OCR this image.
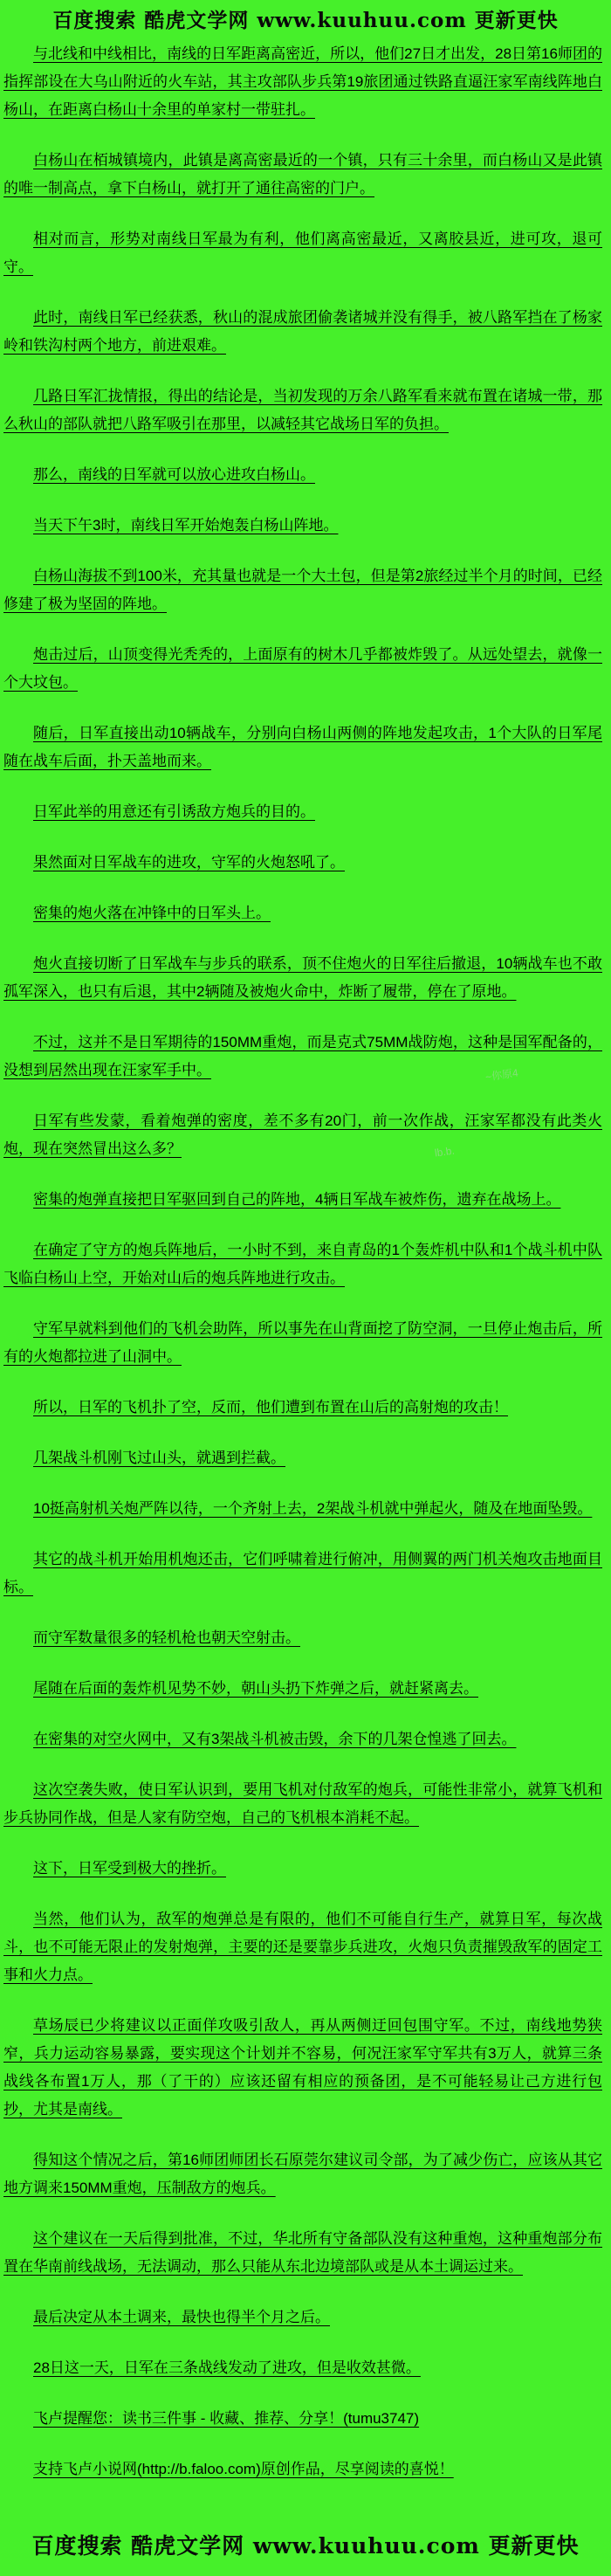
百度搜索 酷虎文学网 www.kuuhuu.com 更新更快

与北线和中线相比，南线的日军距离高密近，所以，他们27日才出发，28日第16师团的指挥部设在大乌山附近的火车站，其主攻部队步兵第19旅团通过铁路直逼汪家军南线阵地白杨山，在距离白杨山十余里的单家村一带驻扎。

白杨山在栢城镇境内，此镇是离高密最近的一个镇，只有三十余里，而白杨山又是此镇的唯一制高点，拿下白杨山，就打开了通往高密的门户。

相对而言，形势对南线日军最为有利，他们离高密最近，又离胶县近，进可攻，退可守。

此时，南线日军已经获悉，秋山的混成旅团偷袭诸城并没有得手，被八路军挡在了杨家岭和铁沟村两个地方，前进艰难。

几路日军汇拢情报，得出的结论是，当初发现的万余八路军看来就布置在诸城一带，那么秋山的部队就把八路军吸引在那里，以减轻其它战场日军的负担。

那么，南线的日军就可以放心进攻白杨山。

当天下午3时，南线日军开始炮轰白杨山阵地。

白杨山海拔不到100米，充其量也就是一个大土包，但是第2旅经过半个月的时间，已经修建了极为坚固的阵地。

炮击过后，山顶变得光秃秃的，上面原有的树木几乎都被炸毁了。从远处望去，就像一个大坟包。

随后，日军直接出动10辆战车，分别向白杨山两侧的阵地发起攻击，1个大队的日军尾随在战车后面，扑天盖地而来。

日军此举的用意还有引诱敌方炮兵的目的。

果然面对日军战车的进攻，守军的火炮怒吼了。

密集的炮火落在冲锋中的日军头上。

炮火直接切断了日军战车与步兵的联系，顶不住炮火的日军往后撤退，10辆战车也不敢孤军深入，也只有后退，其中2辆随及被炮火命中，炸断了履带，停在了原地。

不过，这并不是日军期待的150MM重炮，而是克式75MM战防炮，这种是国军配备的，没想到居然出现在汪家军手中。

日军有些发蒙，看着炮弹的密度，差不多有20门，前一次作战，汪家军都没有此类火炮，现在突然冒出这么多？

密集的炮弹直接把日军驱回到自己的阵地，4辆日军战车被炸伤，遗弃在战场上。

在确定了守方的炮兵阵地后，一小时不到，来自青岛的1个轰炸机中队和1个战斗机中队飞临白杨山上空，开始对山后的炮兵阵地进行攻击。

守军早就料到他们的飞机会助阵，所以事先在山背面挖了防空洞，一旦停止炮击后，所有的火炮都拉进了山洞中。

所以，日军的飞机扑了空，反而，他们遭到布置在山后的高射炮的攻击！

几架战斗机刚飞过山头，就遇到拦截。

10挺高射机关炮严阵以待，一个齐射上去，2架战斗机就中弹起火，随及在地面坠毁。

其它的战斗机开始用机炮还击，它们呼啸着进行俯冲，用侧翼的两门机关炮攻击地面目标。

而守军数量很多的轻机枪也朝天空射击。

尾随在后面的轰炸机见势不妙，朝山头扔下炸弹之后，就赶紧离去。

在密集的对空火网中，又有3架战斗机被击毁，余下的几架仓惶逃了回去。

这次空袭失败，使日军认识到，要用飞机对付敌军的炮兵，可能性非常小，就算飞机和步兵协同作战，但是人家有防空炮，自己的飞机根本消耗不起。

这下，日军受到极大的挫折。

当然，他们认为，敌军的炮弹总是有限的，他们不可能自行生产，就算日军，每次战斗，也不可能无限止的发射炮弹，主要的还是要靠步兵进攻，火炮只负责摧毁敌军的固定工事和火力点。

草场辰已少将建议以正面佯攻吸引敌人，再从两侧迂回包围守军。不过，南线地势狭窄，兵力运动容易暴露，要实现这个计划并不容易，何况汪家军守军共有3万人，就算三条战线各布置1万人，那（了干的）应该还留有相应的预备团，是不可能轻易让己方进行包抄，尤其是南线。

得知这个情况之后，第16师团师团长石原莞尔建议司令部，为了减少伤亡，应该从其它地方调来150MM重炮，压制敌方的炮兵。

这个建议在一天后得到批准，不过，华北所有守备部队没有这种重炮，这种重炮部分布置在华南前线战场，无法调动，那么只能从东北边境部队或是从本土调运过来。

最后决定从本土调来，最快也得半个月之后。

28日这一天，日军在三条战线发动了进攻，但是收效甚微。

飞卢提醒您：读书三件事 - 收藏、推荐、分享！(tumu3747)

支持飞卢小说网(http://b.faloo.com)原创作品，尽享阅读的喜悦！

~你原4
lb.b.
百度搜索 酷虎文学网 www.kuuhuu.com 更新更快
